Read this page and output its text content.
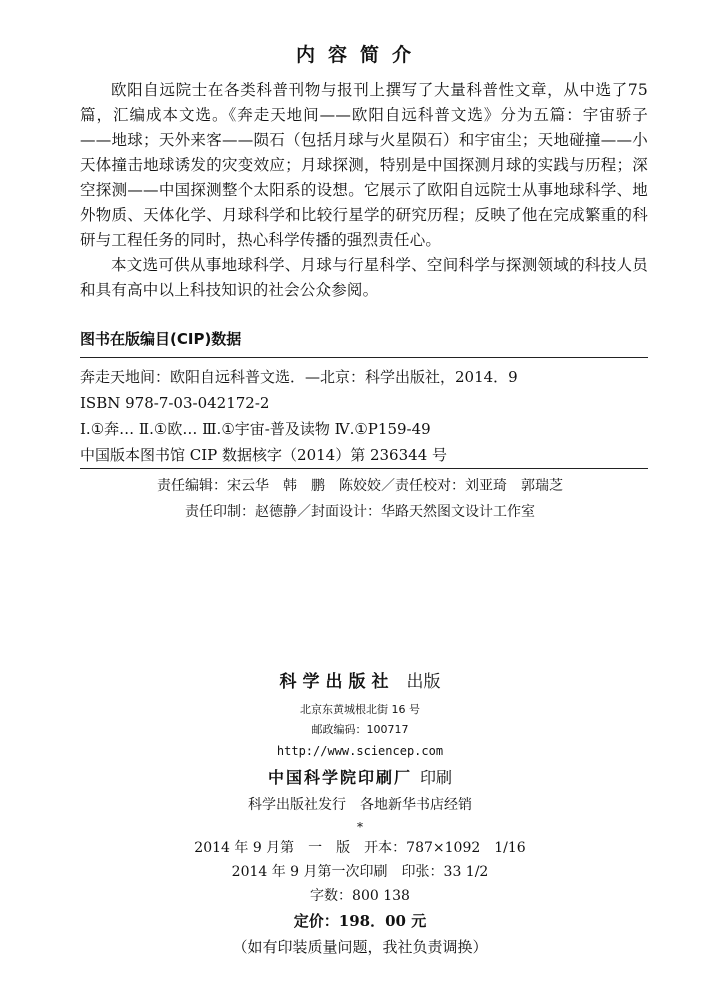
内容简介

欧阳自远院士在各类科普刊物与报刊上撰写了大量科普性文章，从中选了75篇，汇编成本文选。《奔走天地间——欧阳自远科普文选》分为五篇：宇宙骄子——地球；天外来客——陨石（包括月球与火星陨石）和宇宙尘；天地碰撞——小天体撞击地球诱发的灾变效应；月球探测，特别是中国探测月球的实践与历程；深空探测——中国探测整个太阳系的设想。它展示了欧阳自远院士从事地球科学、地外物质、天体化学、月球科学和比较行星学的研究历程；反映了他在完成繁重的科研与工程任务的同时，热心科学传播的强烈责任心。

本文选可供从事地球科学、月球与行星科学、空间科学与探测领域的科技人员和具有高中以上科技知识的社会公众参阅。

图书在版编目(CIP)数据
奔走天地间：欧阳自远科普文选．—北京：科学出版社，2014．9
ISBN 978-7-03-042172-2
Ⅰ.①奔… Ⅱ.①欧… Ⅲ.①宇宙-普及读物 Ⅳ.①P159-49
中国版本图书馆 CIP 数据核字（2014）第 236344 号
责任编辑：宋云华　韩　鹏　陈姣姣／责任校对：刘亚琦　郭瑞芝
责任印制：赵德静／封面设计：华路天然图文设计工作室
科学出版社 出版
北京东黄城根北街 16 号
邮政编码：100717
http://www.sciencep.com
中国科学院印刷厂 印刷
科学出版社发行　各地新华书店经销
*
2014 年 9 月第　一　版　开本：787×1092　1/16
2014 年 9 月第一次印刷　印张：33 1/2
字数：800 138
定价：198．00 元
（如有印装质量问题，我社负责调换）
